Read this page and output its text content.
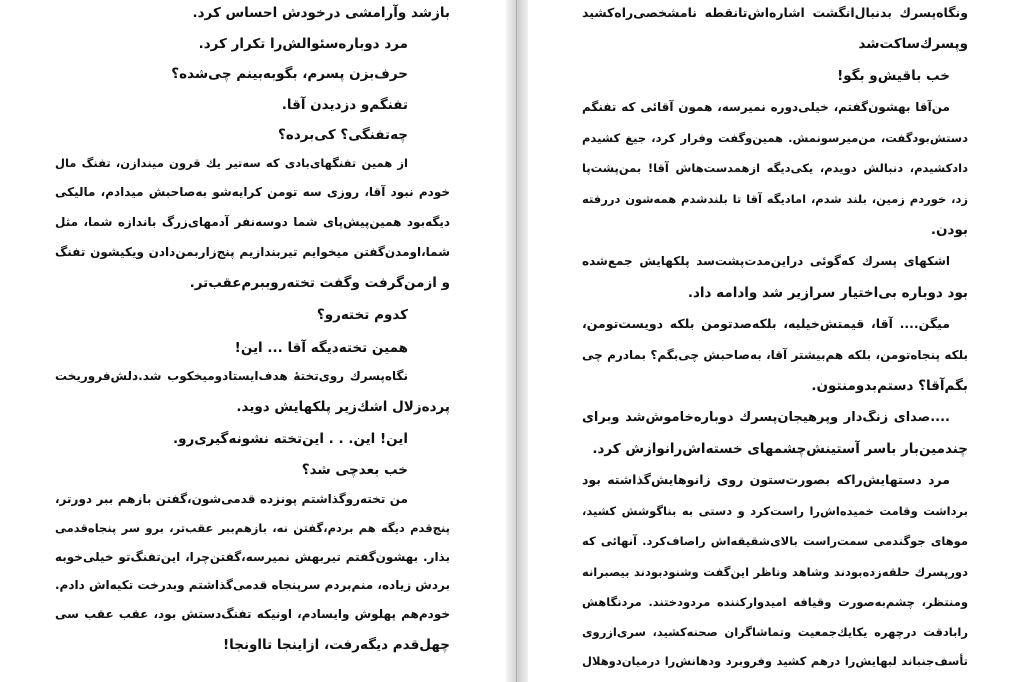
بازشد وآرامشی درخودش احساس کرد.
مرد دوباره‌سئوالش‌را تکرار کرد.
حرف‌بزن پسرم، بگوبه‌بینم چی‌شده؟
تفنگم‌و دزدیدن آقا.
چه‌تفنگی؟ کی‌برده؟
از همین تفنگهای‌بادی که سه‌تیر یك قرون میندازن، تفنگ مال
خودم نبود آقا، روزی سه تومن کرایه‌شو به‌صاحبش میدادم، مالیکی
دیگه‌بود همین‌پیش‌پای شما دوسه‌نفر آدمهای‌زرگ باندازه شما، مثل
شما،اومدن‌گفتن میخوایم تیربندازیم پنج‌زاربمن‌دادن ویکیشون تفنگ
و ازمن‌گرفت وگفت تخته‌روببرم‌عقب‌تر.
کدوم تخته‌رو؟
همین تخته‌دیگه آقا ... این!
نگاه‌پسرك روی‌تختهٔ هدف‌ایستادومیخکوب شد.دلش‌فروریخت
پرده‌زلال اشك‌زیر پلکهایش دوید.
این! این. . . این‌تخته نشونه‌گیری‌رو.
خب بعدچی شد؟
من تخته‌روگذاشتم پونزده قدمی‌شون،گفتن بازهم ببر دورتر،
پنج‌قدم دیگه هم بردم،گفتن نه، بازهم‌ببر عقب‌تر، برو سر پنجاه‌قدمی
بذار. بهشون‌گفتم تیربهش نمیرسه،گفتن‌چرا، این‌تفنگ‌تو خیلی‌خوبه
بردش زیاده، منم‌بردم سرپنجاه قدمی‌گذاشتم وبدرخت تکیه‌اش دادم.
خودم‌هم پهلوش وایسادم، اونیکه تفنگ‌دستش بود، عقب عقب سی
چهل‌قدم دیگه‌رفت، ازاینجا تااونجا!
ونگاه‌پسرك بدنبال‌انگشت اشاره‌اش‌تانقطه نامشخصی‌راه‌کشید
وپسرك‌ساکت‌شد
خب باقیش‌و بگو!
من‌آقا بهشون‌گفتم، خیلی‌دوره نمیرسه، همون آقائی که تفنگم
دستش‌بودگفت، من‌میرسونمش. همین‌وگفت وفرار کرد، جیغ کشیدم
دادکشیدم، دنبالش دویدم، یکی‌دیگه ازهمدست‌هاش آقا! بمن‌پشت‌پا
زد، خوردم زمین، بلند شدم، امادیگه آقا تا بلندشدم همه‌شون دررفته
بودن.
اشکهای پسرك که‌گوئی دراین‌مدت‌پشت‌سد پلکهایش جمع‌شده
بود دوباره بی‌اختیار سرازیر شد وادامه داد.
میگن.... آقا، قیمتش‌خیلیه، بلکه‌صدتومن بلکه دویست‌تومن،
بلکه پنجاه‌تومن، بلکه هم‌بیشتر آقا، به‌صاحبش چی‌بگم؟ بمادرم چی
بگم‌آقا؟ دستم‌بدومنتون.
....صدای زنگ‌دار وپرهیجان‌پسرك دوباره‌خاموش‌شد وبرای
چندمین‌بار باسر آستینش‌چشمهای خسته‌اش‌رانوازش کرد.
مرد دستهایش‌راکه بصورت‌ستون روی زانوهایش‌گذاشته بود
برداشت وقامت خمیده‌اش‌را راست‌کرد و دستی به بناگوشش کشید،
موهای جوگندمی سمت‌راست بالای‌شقیقه‌اش راصاف‌کرد. آنهائی که
دورپسرك حلقه‌زده‌بودند وشاهد وناظر این‌گفت وشنودبودند بیصبرانه
ومنتظر، چشم‌به‌صورت وقیافه امیدوارکننده مردودختند. مردنگاهش
رابادقت درچهره یکایك‌جمعیت وتماشاگران صحنه‌کشید، سری‌ازروی
تأسف‌جنباند لبهایش‌را درهم کشید وفروبرد ودهانش‌را درمیان‌دوهلال
